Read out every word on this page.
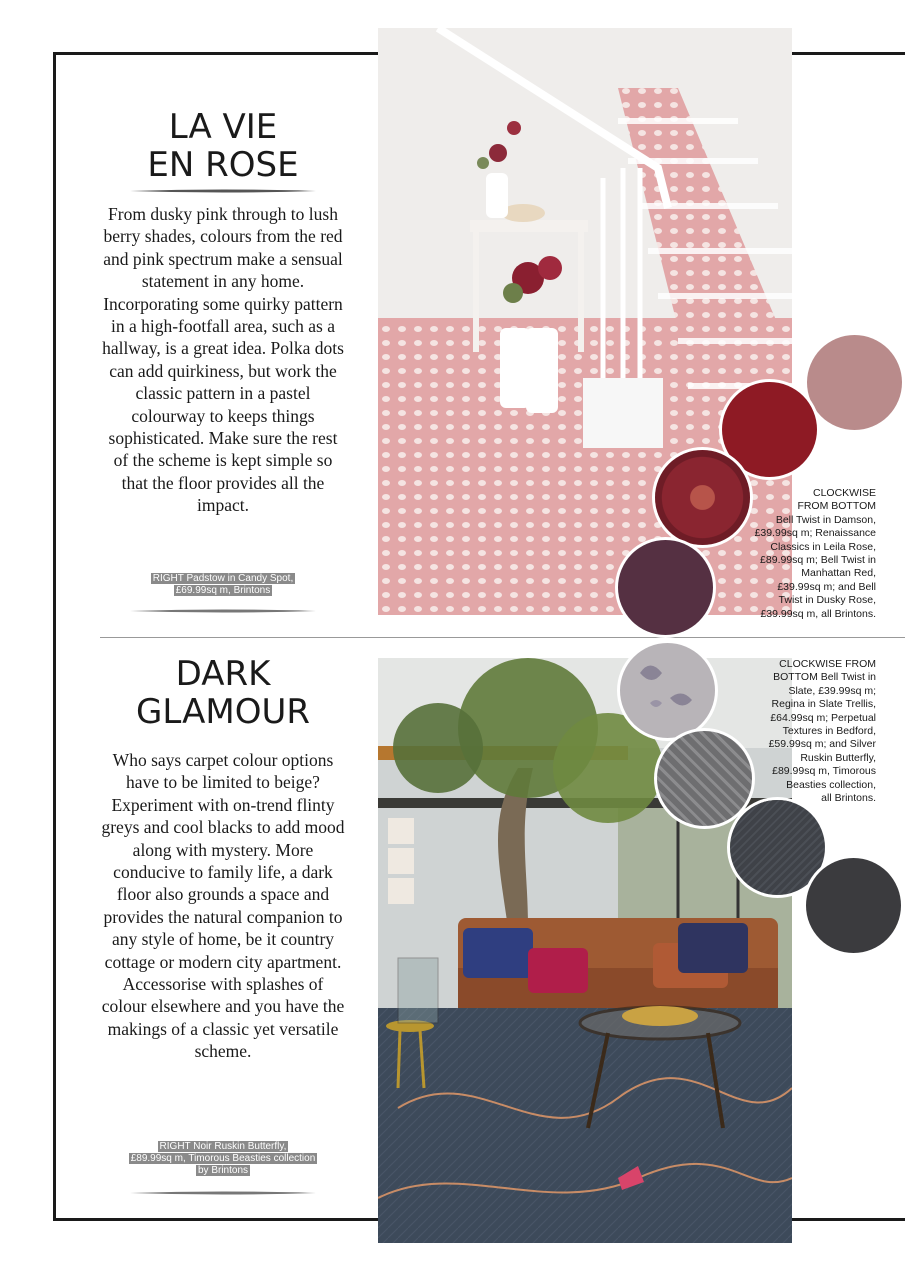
LA VIE
EN ROSE
From dusky pink through to lush berry shades, colours from the red and pink spectrum make a sensual statement in any home. Incorporating some quirky pattern in a high-footfall area, such as a hallway, is a great idea. Polka dots can add quirkiness, but work the classic pattern in a pastel colourway to keeps things sophisticated. Make sure the rest of the scheme is kept simple so that the floor provides all the impact.
RIGHT Padstow in Candy Spot,
£69.99sq m, Brintons
CLOCKWISE
FROM BOTTOM
Bell Twist in Damson,
£39.99sq m; Renaissance
Classics in Leila Rose,
£89.99sq m; Bell Twist in
Manhattan Red,
£39.99sq m; and Bell
Twist in Dusky Rose,
£39.99sq m, all Brintons.
DARK
GLAMOUR
Who says carpet colour options have to be limited to beige? Experiment with on-trend flinty greys and cool blacks to add mood along with mystery. More conducive to family life, a dark floor also grounds a space and provides the natural companion to any style of home, be it country cottage or modern city apartment. Accessorise with splashes of colour elsewhere and you have the makings of a classic yet versatile scheme.
RIGHT Noir Ruskin Butterfly,
£89.99sq m, Timorous Beasties collection
by Brintons
CLOCKWISE FROM
BOTTOM Bell Twist in
Slate, £39.99sq m;
Regina in Slate Trellis,
£64.99sq m; Perpetual
Textures in Bedford,
£59.99sq m; and Silver
Ruskin Butterfly,
£89.99sq m, Timorous
Beasties collection,
all Brintons.
